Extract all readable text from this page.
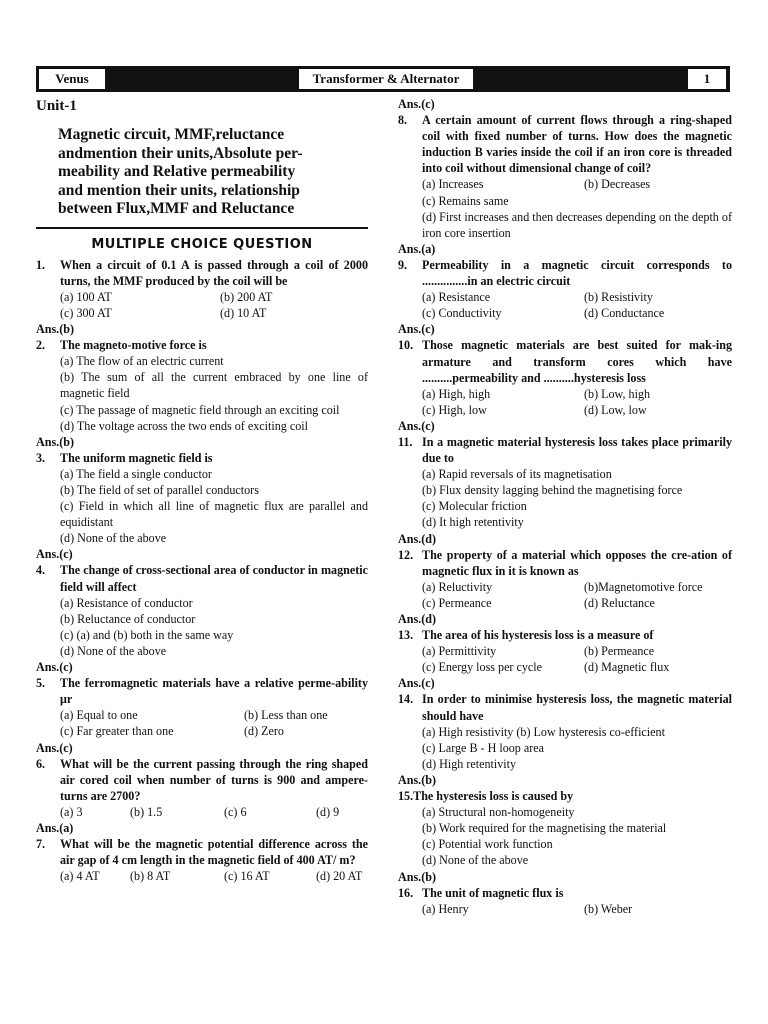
Venus	Transformer & Alternator	1

Unit-1

Magnetic circuit, MMF,reluctance
andmention their units,Absolute per-
meability and Relative permeability
and mention their units, relationship
between Flux,MMF and Reluctance
MULTIPLE CHOICE QUESTION

1.	When a circuit of 0.1 A is passed through a coil of 2000 turns, the MMF produced by the coil will be

(a) 100 AT	(b) 200 AT
(c) 300 AT	(d) 10 AT

Ans.(b)

2.	The magneto-motive force is

(a) The flow of an electric current

(b) The sum of all the current embraced by one line of magnetic field

(c) The passage of magnetic field through an exciting coil

(d) The voltage across the two ends of exciting coil

Ans.(b)

3.	The uniform magnetic field is

(a) The field a single conductor

(b) The field of set of parallel conductors

(c) Field in which all line of magnetic flux are parallel and equidistant

(d) None of the above

Ans.(c)

4.	The change of cross-sectional area of conductor in magnetic field will affect

(a) Resistance of conductor

(b) Reluctance of conductor

(c) (a) and (b) both in the same way

(d) None of the above

Ans.(c)

5.	The ferromagnetic materials have a relative perme-ability μr

(a) Equal to one	(b) Less than one
(c) Far greater than one	(d) Zero

Ans.(c)

6.	What will be the current passing through the ring shaped air cored coil when number of turns is 900 and ampere-turns are 2700?

(a) 3	(b) 1.5	(c) 6	(d) 9

Ans.(a)

7.	What will be the magnetic potential difference across the air gap of 4 cm length in the magnetic field of 400 AT/ m?

(a) 4 AT	(b) 8 AT	(c) 16 AT	(d) 20 AT

Ans.(c)

8.	A certain amount of current flows through a ring-shaped coil with fixed number of turns. How does the magnetic induction B varies inside the coil if an iron core is threaded into coil without dimensional change of coil?

(a) Increases	(b) Decreases

(c) Remains same

(d) First increases and then decreases depending on the depth of iron core insertion

Ans.(a)

9.	Permeability in a magnetic circuit corresponds to ...............in an electric circuit

(a) Resistance	(b) Resistivity
(c) Conductivity	(d) Conductance

Ans.(c)

10. Those magnetic materials are best suited for mak-ing armature and transform cores which have ..........permeability and ..........hysteresis loss

(a) High, high	(b) Low, high
(c) High, low	(d) Low, low

Ans.(c)

11. In a magnetic material hysteresis loss takes place primarily due to

(a) Rapid reversals of its magnetisation

(b) Flux density lagging behind the magnetising force

(c) Molecular friction

(d) It high retentivity

Ans.(d)

12. The property of a material which opposes the cre-ation of magnetic flux in it is known as

(a) Reluctivity	(b)Magnetomotive force
(c) Permeance	(d) Reluctance

Ans.(d)

13. The area of his hysteresis loss is a measure of

(a) Permittivity	(b) Permeance
(c) Energy loss per cycle	(d) Magnetic flux

Ans.(c)

14. In order to minimise hysteresis loss, the magnetic material should have

(a) High resistivity (b) Low hysteresis co-efficient

(c) Large B - H loop area

(d) High retentivity

Ans.(b)

15. The hysteresis loss is caused by

(a) Structural non-homogeneity

(b) Work required for the magnetising the material

(c) Potential work function

(d) None of the above

Ans.(b)

16. The unit of magnetic flux is

(a) Henry	(b) Weber
